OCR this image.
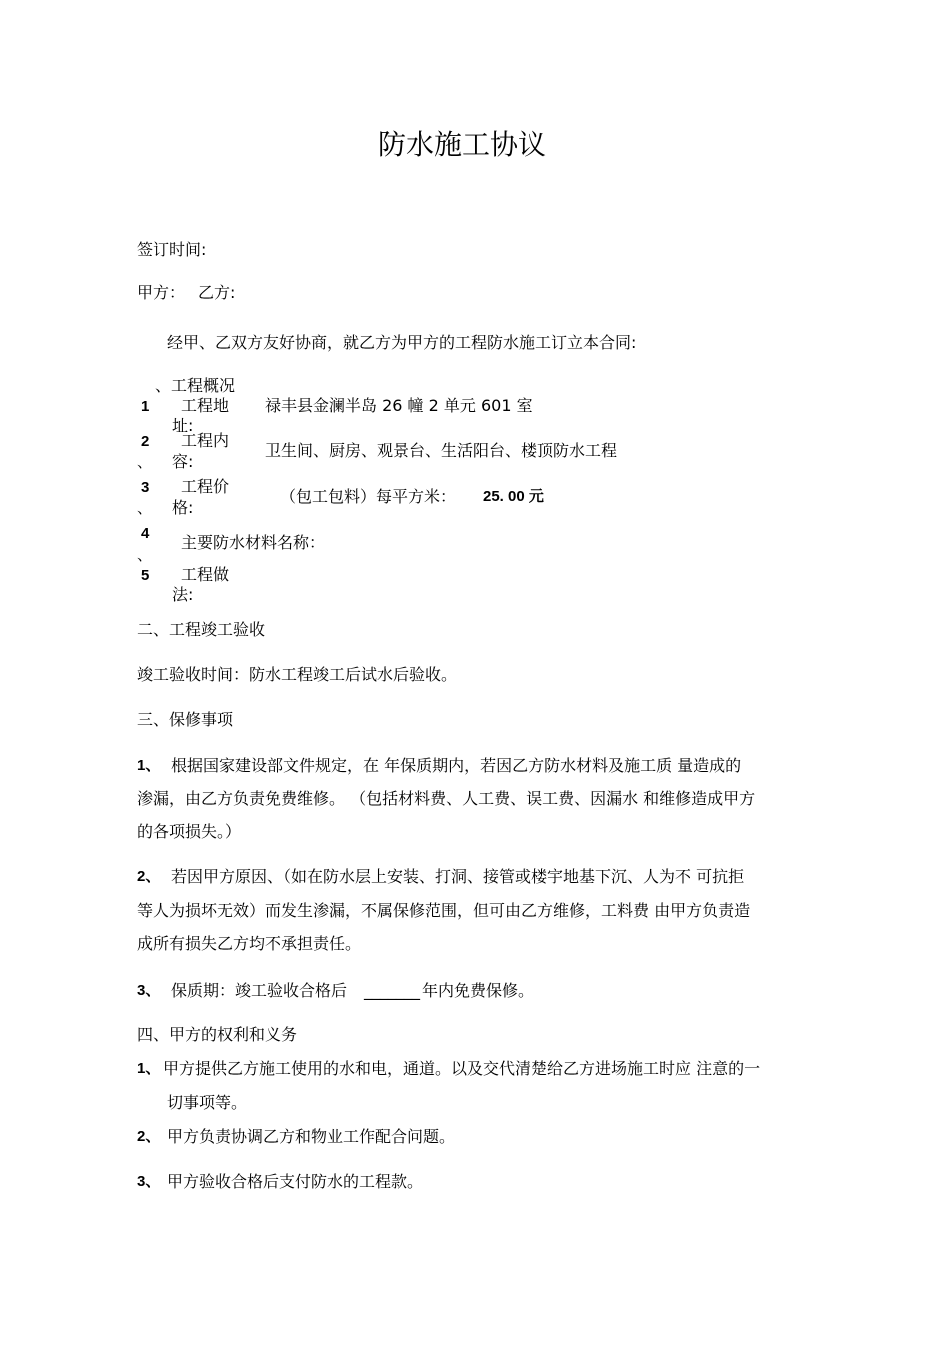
防水施工协议
签订时间:
甲方： 乙方:
经甲、乙双方友好协商，就乙方为甲方的工程防水施工订立本合同:
、工程概况
1 工程地
址:
禄丰县金澜半岛 26 幢 2 单元 601 室
2
、
工程内
容:
卫生间、厨房、观景台、生活阳台、楼顶防水工程
3
、
工程价
格:
（包工包料）每平方米： 25. 00 元
4
、
主要防水材料名称：
5 工程做
法:
二、工程竣工验收
竣工验收时间：防水工程竣工后试水后验收。
三、保修事项
1、 根据国家建设部文件规定，在 年保质期内，若因乙方防水材料及施工质 量造成的
渗漏，由乙方负责免费维修。 （包括材料费、人工费、误工费、因漏水 和维修造成甲方
的各项损失。）
2、 若因甲方原因、（如在防水层上安装、打洞、接管或楼宇地基下沉、人为不 可抗拒
等人为损坏无效）而发生渗漏，不属保修范围，但可由乙方维修，工料费 由甲方负责造
成所有损失乙方均不承担责任。
3、 保质期：竣工验收合格后 _______ 年内免费保修。
四、甲方的权利和义务
1、 甲方提供乙方施工使用的水和电，通道。以及交代清楚给乙方进场施工时应 注意的一
切事项等。
2、 甲方负责协调乙方和物业工作配合问题。
3、 甲方验收合格后支付防水的工程款。
